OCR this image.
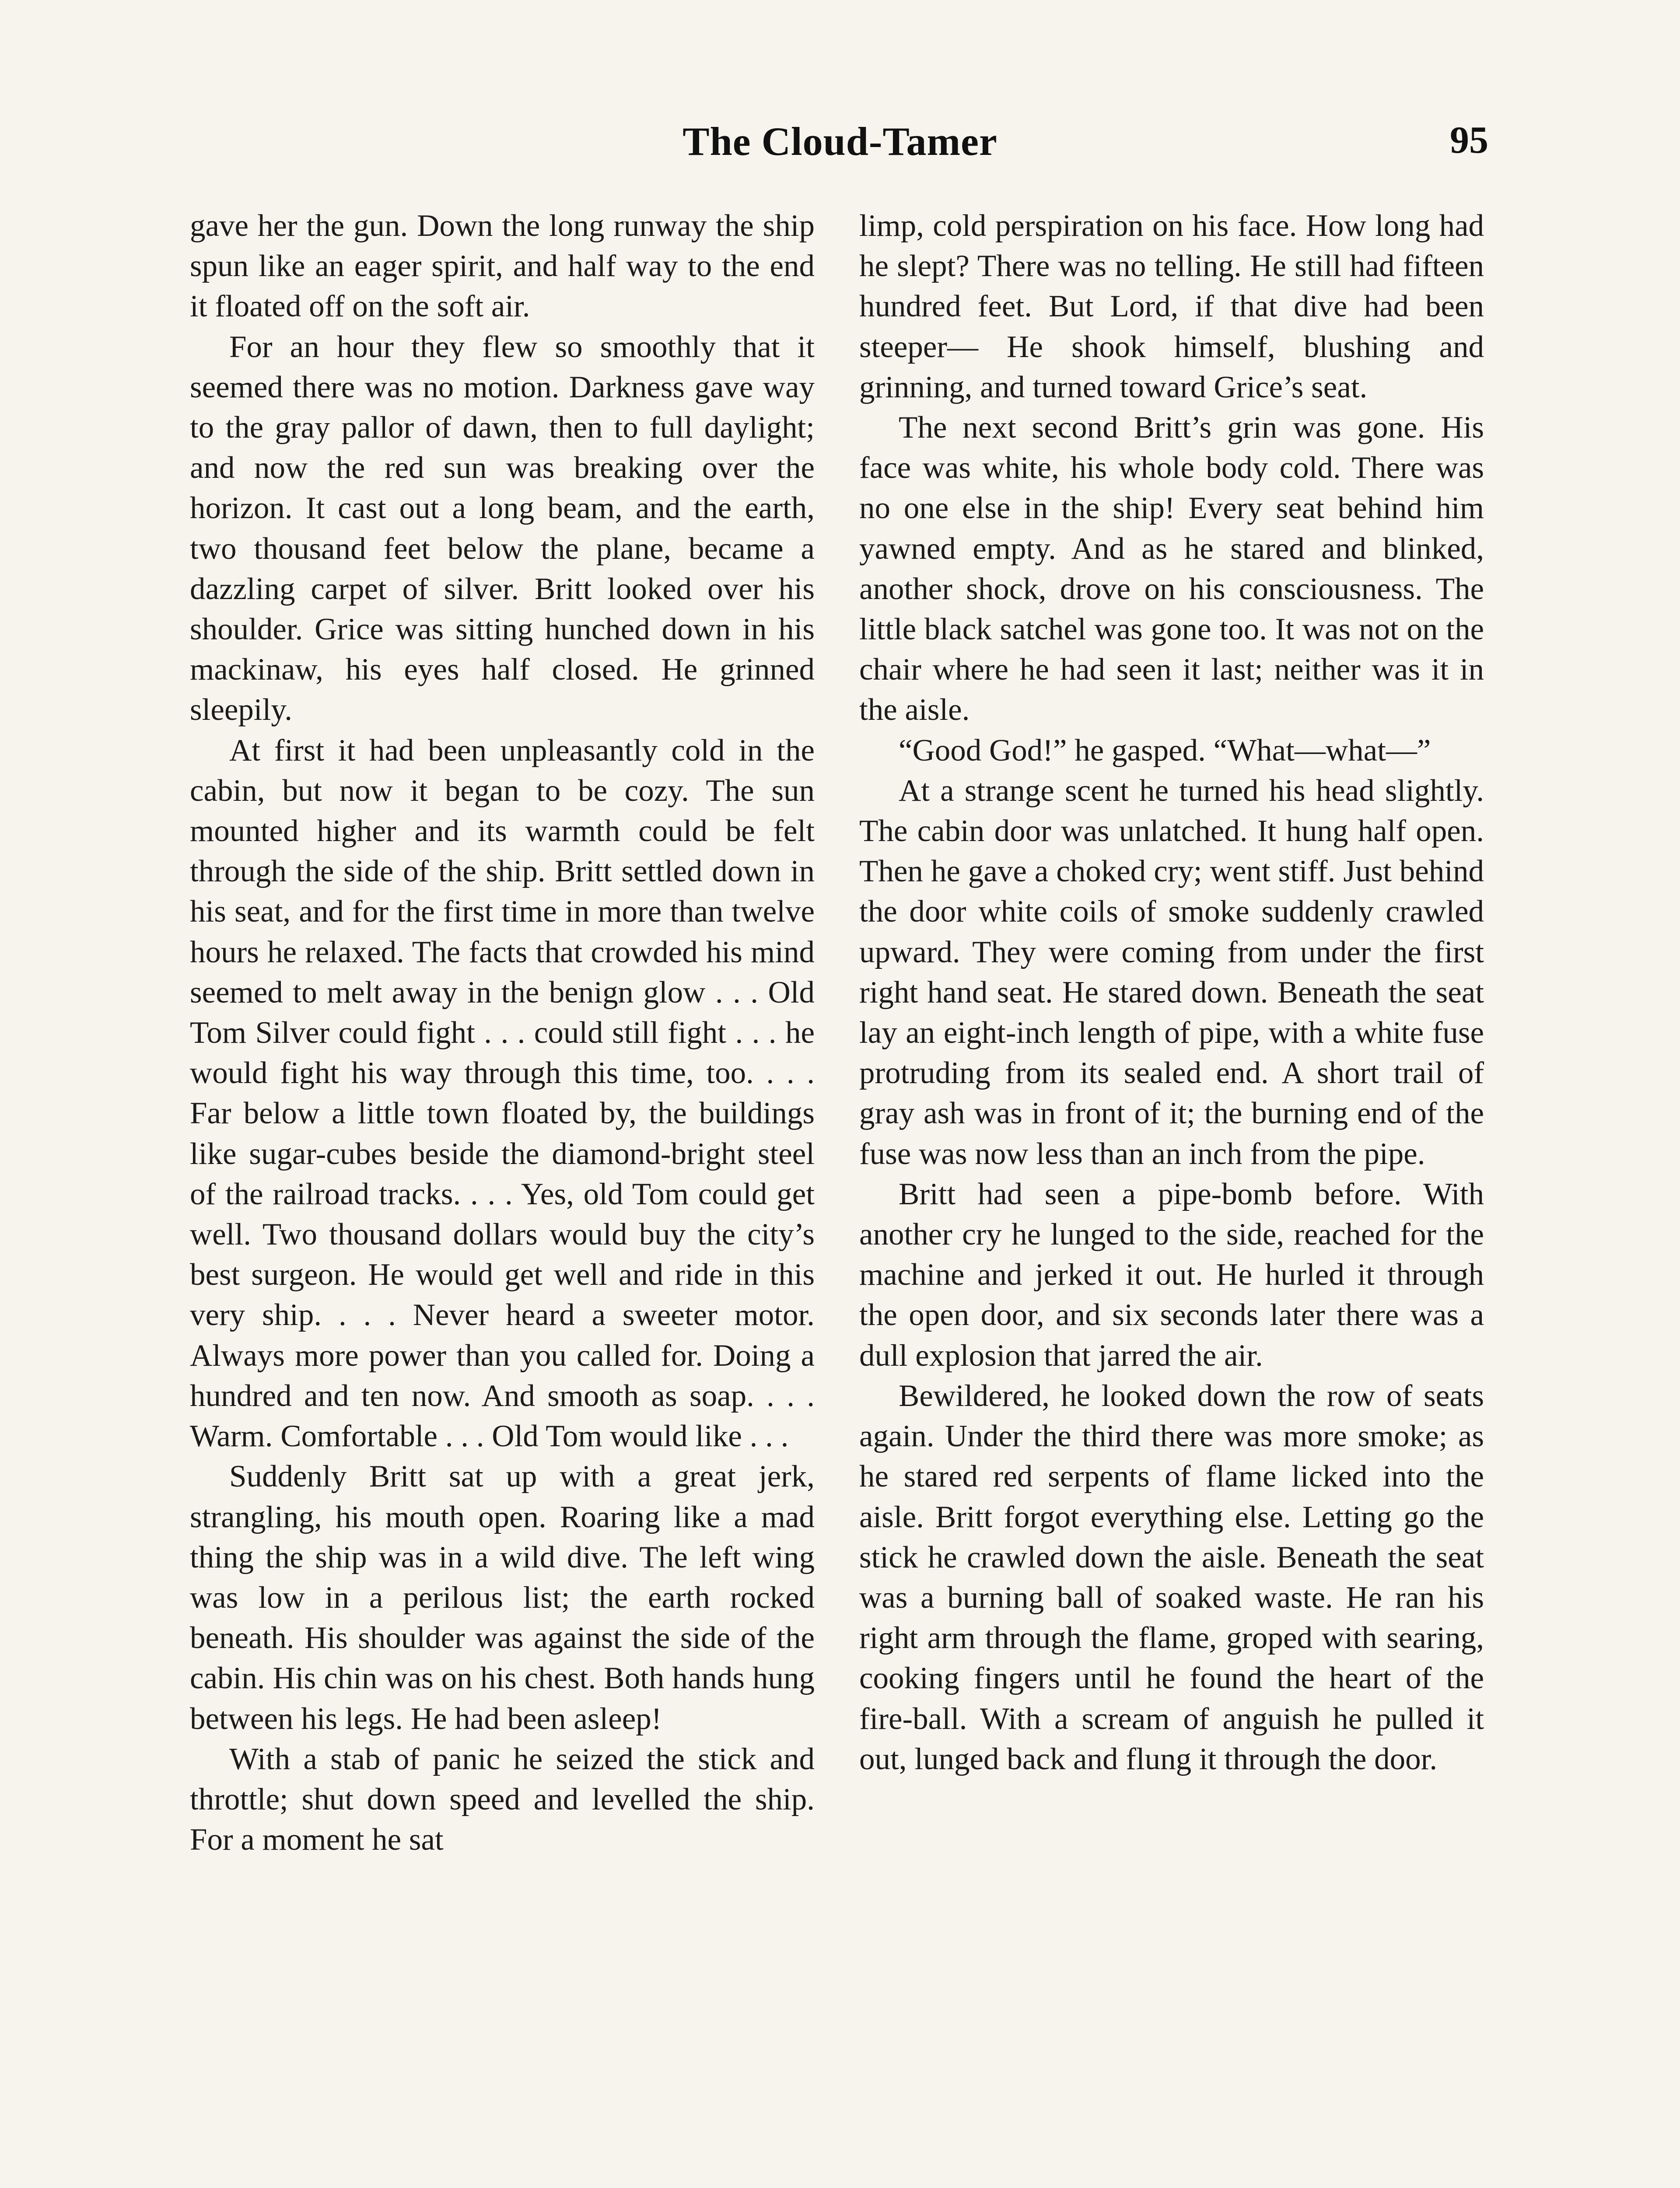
The Cloud-Tamer	95

gave her the gun. Down the long runway the ship spun like an eager spirit, and half way to the end it floated off on the soft air.

For an hour they flew so smoothly that it seemed there was no motion. Darkness gave way to the gray pallor of dawn, then to full daylight; and now the red sun was breaking over the horizon. It cast out a long beam, and the earth, two thousand feet below the plane, became a dazzling carpet of silver. Britt looked over his shoulder. Grice was sitting hunched down in his mackinaw, his eyes half closed. He grinned sleepily.

At first it had been unpleasantly cold in the cabin, but now it began to be cozy. The sun mounted higher and its warmth could be felt through the side of the ship. Britt settled down in his seat, and for the first time in more than twelve hours he relaxed. The facts that crowded his mind seemed to melt away in the benign glow . . . Old Tom Silver could fight . . . could still fight . . . he would fight his way through this time, too. . . . Far below a little town floated by, the buildings like sugar-cubes beside the diamond-bright steel of the railroad tracks. . . . Yes, old Tom could get well. Two thousand dollars would buy the city’s best surgeon. He would get well and ride in this very ship. . . . Never heard a sweeter motor. Always more power than you called for. Doing a hundred and ten now. And smooth as soap. . . . Warm. Comfortable . . . Old Tom would like . . .

Suddenly Britt sat up with a great jerk, strangling, his mouth open. Roaring like a mad thing the ship was in a wild dive. The left wing was low in a perilous list; the earth rocked beneath. His shoulder was against the side of the cabin. His chin was on his chest. Both hands hung between his legs. He had been asleep!

With a stab of panic he seized the stick and throttle; shut down speed and levelled the ship. For a moment he sat

limp, cold perspiration on his face. How long had he slept? There was no telling. He still had fifteen hundred feet. But Lord, if that dive had been steeper— He shook himself, blushing and grinning, and turned toward Grice’s seat.

The next second Britt’s grin was gone. His face was white, his whole body cold. There was no one else in the ship! Every seat behind him yawned empty. And as he stared and blinked, another shock, drove on his consciousness. The little black satchel was gone too. It was not on the chair where he had seen it last; neither was it in the aisle.

“Good God!” he gasped. “What—what—”

At a strange scent he turned his head slightly. The cabin door was unlatched. It hung half open. Then he gave a choked cry; went stiff. Just behind the door white coils of smoke suddenly crawled upward. They were coming from under the first right hand seat. He stared down. Beneath the seat lay an eight-inch length of pipe, with a white fuse protruding from its sealed end. A short trail of gray ash was in front of it; the burning end of the fuse was now less than an inch from the pipe.

Britt had seen a pipe-bomb before. With another cry he lunged to the side, reached for the machine and jerked it out. He hurled it through the open door, and six seconds later there was a dull explosion that jarred the air.

Bewildered, he looked down the row of seats again. Under the third there was more smoke; as he stared red serpents of flame licked into the aisle. Britt forgot everything else. Letting go the stick he crawled down the aisle. Beneath the seat was a burning ball of soaked waste. He ran his right arm through the flame, groped with searing, cooking fingers until he found the heart of the fire-ball. With a scream of anguish he pulled it out, lunged back and flung it through the door.
